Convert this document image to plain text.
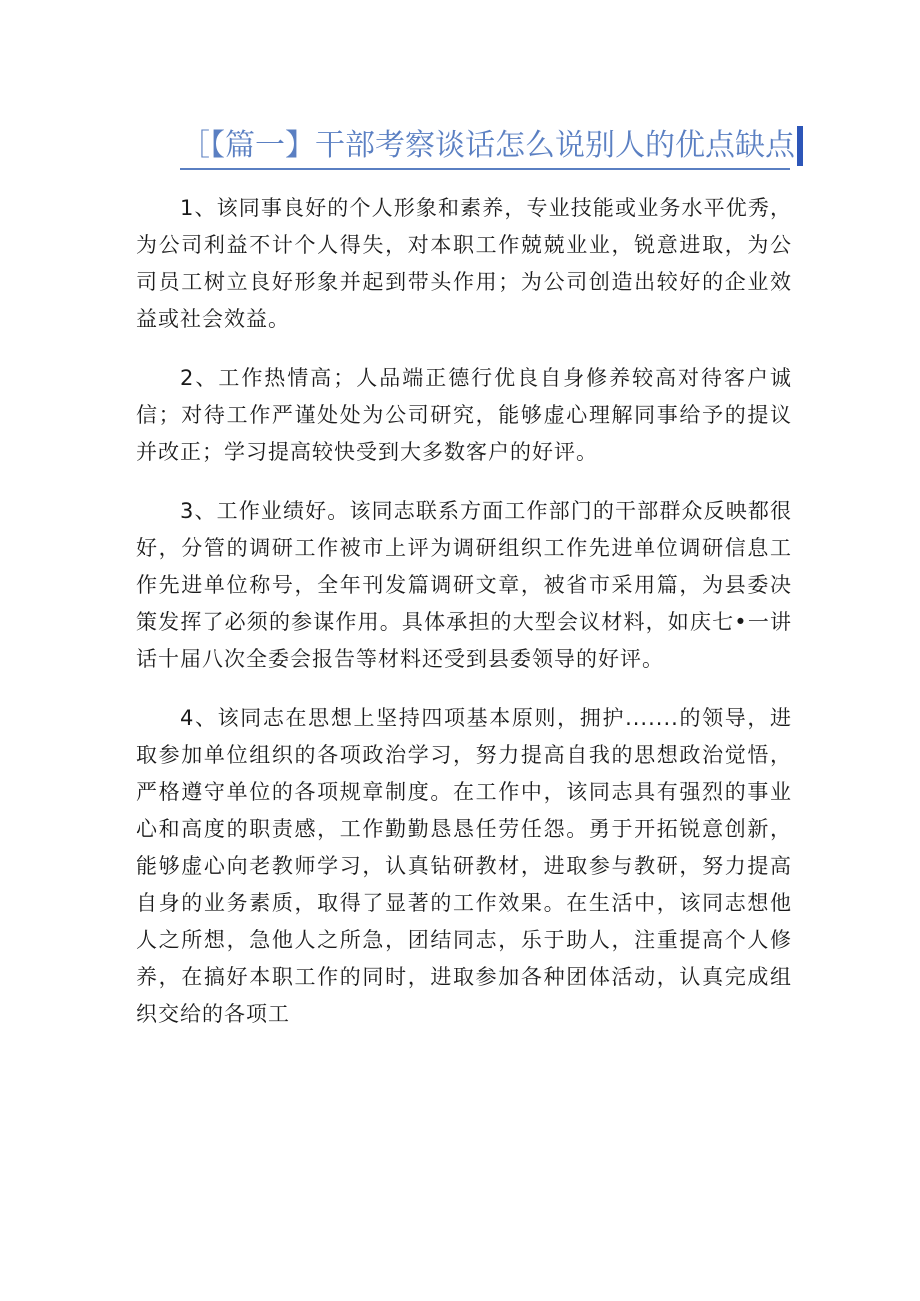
［【篇一】干部考察谈话怎么说别人的优点缺点

1、该同事良好的个人形象和素养，专业技能或业务水平优秀，为公司利益不计个人得失，对本职工作兢兢业业，锐意进取，为公司员工树立良好形象并起到带头作用；为公司创造出较好的企业效益或社会效益。

2、工作热情高；人品端正德行优良自身修养较高对待客户诚信；对待工作严谨处处为公司研究，能够虚心理解同事给予的提议并改正；学习提高较快受到大多数客户的好评。

3、工作业绩好。该同志联系方面工作部门的干部群众反映都很好，分管的调研工作被市上评为调研组织工作先进单位调研信息工作先进单位称号，全年刊发篇调研文章，被省市采用篇，为县委决策发挥了必须的参谋作用。具体承担的大型会议材料，如庆七•一讲话十届八次全委会报告等材料还受到县委领导的好评。

4、该同志在思想上坚持四项基本原则，拥护.......的领导，进取参加单位组织的各项政治学习，努力提高自我的思想政治觉悟，严格遵守单位的各项规章制度。在工作中，该同志具有强烈的事业心和高度的职责感，工作勤勤恳恳任劳任怨。勇于开拓锐意创新，能够虚心向老教师学习，认真钻研教材，进取参与教研，努力提高自身的业务素质，取得了显著的工作效果。在生活中，该同志想他人之所想，急他人之所急，团结同志，乐于助人，注重提高个人修养，在搞好本职工作的同时，进取参加各种团体活动，认真完成组织交给的各项工
